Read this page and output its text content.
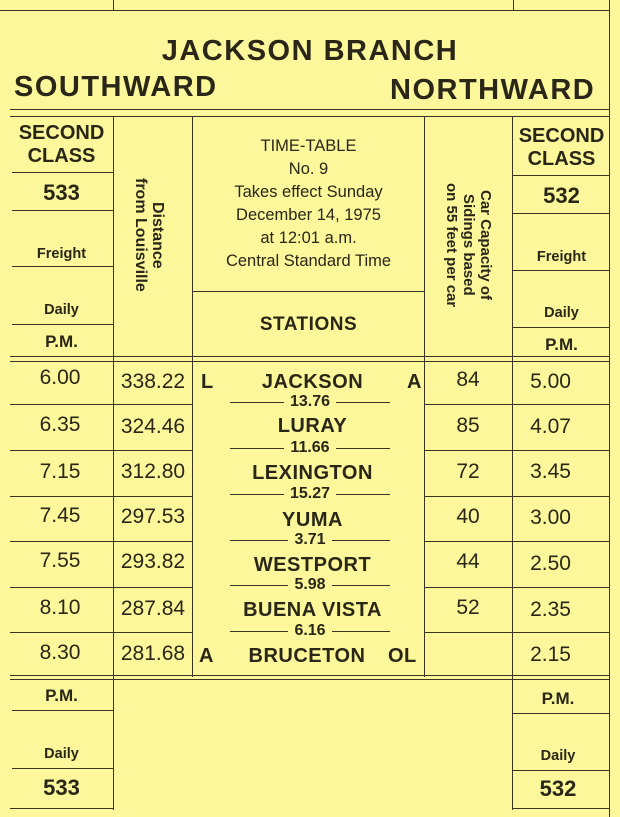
JACKSON BRANCH
SOUTHWARD	NORTHWARD
SECOND
CLASS
533
Freight
Daily
P.M.
Distance
from Louisville
TIME-TABLE
No. 9
Takes effect Sunday
December 14, 1975
at 12:01 a.m.
Central Standard Time
STATIONS
Car Capacity of
Sidings based
on 55 feet per car
SECOND
CLASS
532
Freight
Daily
P.M.
6.00	338.22 L	JACKSON	A	84	5.00
13.76
6.35	324.46	LURAY	85	4.07
11.66
7.15	312.80	LEXINGTON	72	3.45
15.27
7.45	297.53	YUMA	40	3.00
3.71
7.55	293.82	WESTPORT	44	2.50
5.98
8.10	287.84	BUENA VISTA	52	2.35
6.16
8.30	281.68 A	BRUCETON	OL	2.15
P.M.
Daily
533
P.M.
Daily
532
